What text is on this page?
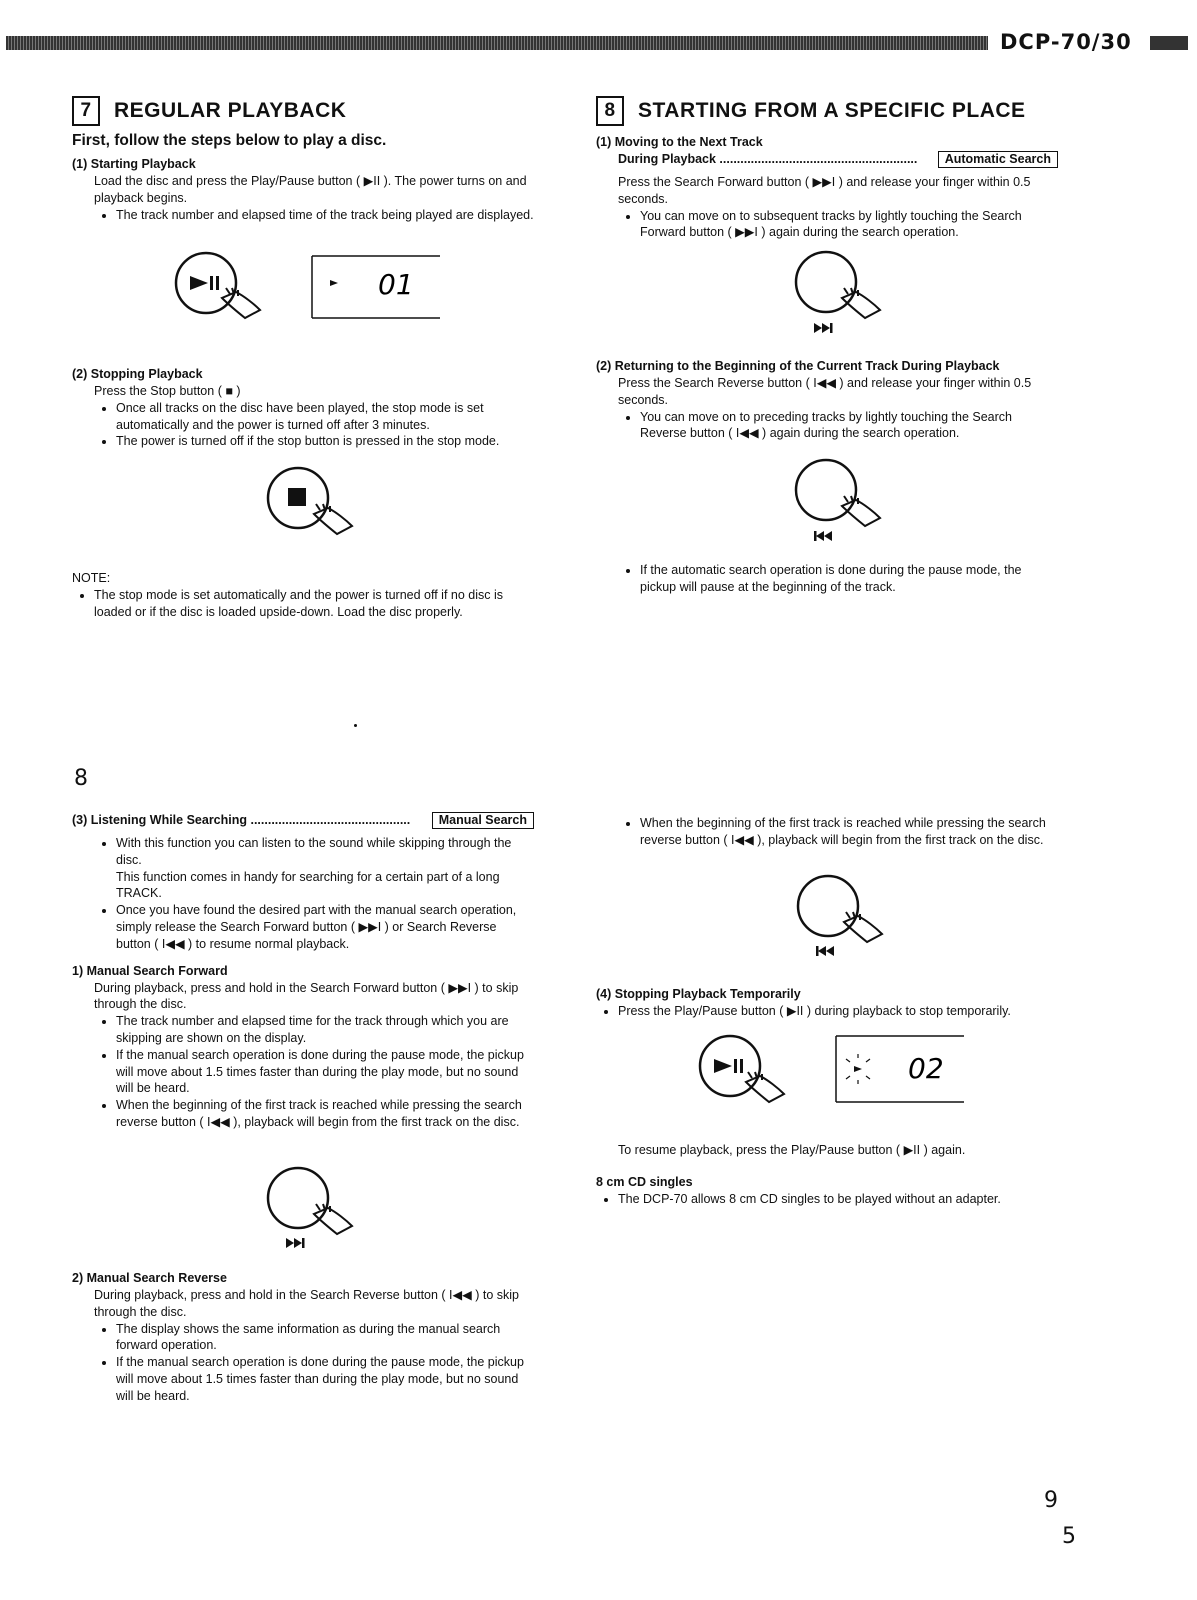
DCP-70/30
7	REGULAR PLAYBACK
First, follow the steps below to play a disc.
(1) Starting Playback
Load the disc and press the Play/Pause button ( ▶II ). The power turns on and playback begins.
• The track number and elapsed time of the track being played are displayed.
01
(2) Stopping Playback
Press the Stop button ( ■ )
• Once all tracks on the disc have been played, the stop mode is set automatically and the power is turned off after 3 minutes.
• The power is turned off if the stop button is pressed in the stop mode.
NOTE:
• The stop mode is set automatically and the power is turned off if no disc is loaded or if the disc is loaded upside-down. Load the disc properly.
8	STARTING FROM A SPECIFIC PLACE
(1) Moving to the Next Track
During Playback .........................................................	Automatic Search
Press the Search Forward button ( ▶▶I ) and release your finger within 0.5 seconds.
• You can move on to subsequent tracks by lightly touching the Search Forward button ( ▶▶I ) again during the search operation.
(2) Returning to the Beginning of the Current Track During Playback
Press the Search Reverse button ( I◀◀ ) and release your finger within 0.5 seconds.
• You can move on to preceding tracks by lightly touching the Search Reverse button ( I◀◀ ) again during the search operation.
• If the automatic search operation is done during the pause mode, the pickup will pause at the beginning of the track.
8
(3) Listening While Searching ..............................................	Manual Search
• With this function you can listen to the sound while skipping through the disc.
This function comes in handy for searching for a certain part of a long TRACK.
• Once you have found the desired part with the manual search operation, simply release the Search Forward button ( ▶▶I ) or Search Reverse button ( I◀◀ ) to resume normal playback.
1) Manual Search Forward
During playback, press and hold in the Search Forward button ( ▶▶I ) to skip through the disc.
• The track number and elapsed time for the track through which you are skipping are shown on the display.
• If the manual search operation is done during the pause mode, the pickup will move about 1.5 times faster than during the play mode, but no sound will be heard.
• When the beginning of the first track is reached while pressing the search reverse button ( I◀◀ ), playback will begin from the first track on the disc.
2) Manual Search Reverse
During playback, press and hold in the Search Reverse button ( I◀◀ ) to skip through the disc.
• The display shows the same information as during the manual search forward operation.
• If the manual search operation is done during the pause mode, the pickup will move about 1.5 times faster than during the play mode, but no sound will be heard.
• When the beginning of the first track is reached while pressing the search reverse button ( I◀◀ ), playback will begin from the first track on the disc.
(4) Stopping Playback Temporarily
• Press the Play/Pause button ( ▶II ) during playback to stop temporarily.
02
To resume playback, press the Play/Pause button ( ▶II ) again.
8 cm CD singles
• The DCP-70 allows 8 cm CD singles to be played without an adapter.
9
5
